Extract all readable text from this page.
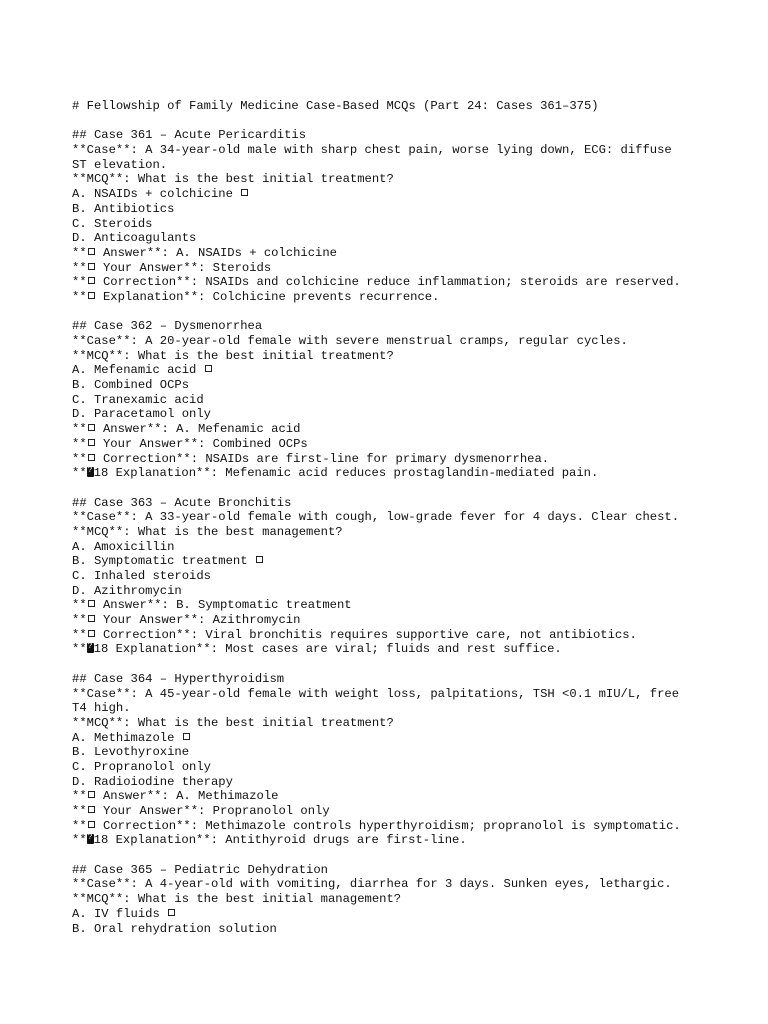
# Fellowship of Family Medicine Case-Based MCQs (Part 24: Cases 361–375)
## Case 361 – Acute Pericarditis
**Case**: A 34-year-old male with sharp chest pain, worse lying down, ECG: diffuse
ST elevation.
**MCQ**: What is the best initial treatment?
A. NSAIDs + colchicine
B. Antibiotics
C. Steroids
D. Anticoagulants
** Answer**: A. NSAIDs + colchicine
** Your Answer**: Steroids
** Correction**: NSAIDs and colchicine reduce inflammation; steroids are reserved.
** Explanation**: Colchicine prevents recurrence.
## Case 362 – Dysmenorrhea
**Case**: A 20-year-old female with severe menstrual cramps, regular cycles.
**MCQ**: What is the best initial treatment?
A. Mefenamic acid
B. Combined OCPs
C. Tranexamic acid
D. Paracetamol only
** Answer**: A. Mefenamic acid
** Your Answer**: Combined OCPs
** Correction**: NSAIDs are first-line for primary dysmenorrhea.
** ? 18 Explanation**: Mefenamic acid reduces prostaglandin-mediated pain.
## Case 363 – Acute Bronchitis
**Case**: A 33-year-old female with cough, low-grade fever for 4 days. Clear chest.
**MCQ**: What is the best management?
A. Amoxicillin
B. Symptomatic treatment
C. Inhaled steroids
D. Azithromycin
** Answer**: B. Symptomatic treatment
** Your Answer**: Azithromycin
** Correction**: Viral bronchitis requires supportive care, not antibiotics.
** ? 18 Explanation**: Most cases are viral; fluids and rest suffice.
## Case 364 – Hyperthyroidism
**Case**: A 45-year-old female with weight loss, palpitations, TSH <0.1 mIU/L, free
T4 high.
**MCQ**: What is the best initial treatment?
A. Methimazole
B. Levothyroxine
C. Propranolol only
D. Radioiodine therapy
** Answer**: A. Methimazole
** Your Answer**: Propranolol only
** Correction**: Methimazole controls hyperthyroidism; propranolol is symptomatic.
** ? 18 Explanation**: Antithyroid drugs are first-line.
## Case 365 – Pediatric Dehydration
**Case**: A 4-year-old with vomiting, diarrhea for 3 days. Sunken eyes, lethargic.
**MCQ**: What is the best initial management?
A. IV fluids
B. Oral rehydration solution
